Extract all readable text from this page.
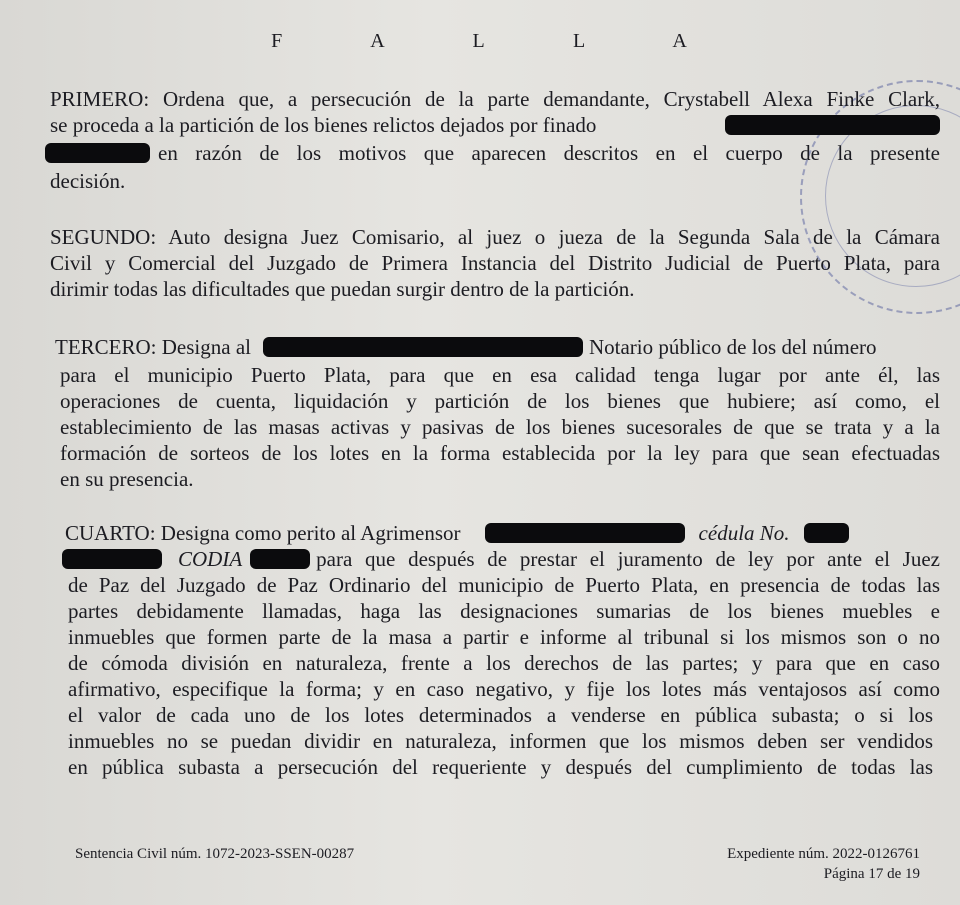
F A L L A
PRIMERO: Ordena que, a persecución de la parte demandante, Crystabell Alexa Finke Clark,
se proceda a la partición de los bienes relictos dejados por finado
en razón de los motivos que aparecen descritos en el cuerpo de la presente
decisión.
SEGUNDO: Auto designa Juez Comisario, al juez o jueza de la Segunda Sala de la Cámara
Civil y Comercial del Juzgado de Primera Instancia del Distrito Judicial de Puerto Plata, para
dirimir todas las dificultades que puedan surgir dentro de la partición.
TERCERO: Designa al	Notario público de los del número
para el municipio Puerto Plata, para que en esa calidad tenga lugar por ante él, las
operaciones de cuenta, liquidación y partición de los bienes que hubiere; así como, el
establecimiento de las masas activas y pasivas de los bienes sucesorales de que se trata y a la
formación de sorteos de los lotes en la forma establecida por la ley para que sean efectuadas
en su presencia.
CUARTO: Designa como perito al Agrimensor	cédula No.
CODIA	para que después de prestar el juramento de ley por ante el Juez
de Paz del Juzgado de Paz Ordinario del municipio de Puerto Plata, en presencia de todas las
partes debidamente llamadas, haga las designaciones sumarias de los bienes muebles e
inmuebles que formen parte de la masa a partir e informe al tribunal si los mismos son o no
de cómoda división en naturaleza, frente a los derechos de las partes; y para que en caso
afirmativo, especifique la forma; y en caso negativo, y fije los lotes más ventajosos así como
el valor de cada uno de los lotes determinados a venderse en pública subasta; o si los
inmuebles no se puedan dividir en naturaleza, informen que los mismos deben ser vendidos
en pública subasta a persecución del requeriente y después del cumplimiento de todas las
Sentencia Civil núm. 1072-2023-SSEN-00287	Expediente núm. 2022-0126761
Página 17 de 19
